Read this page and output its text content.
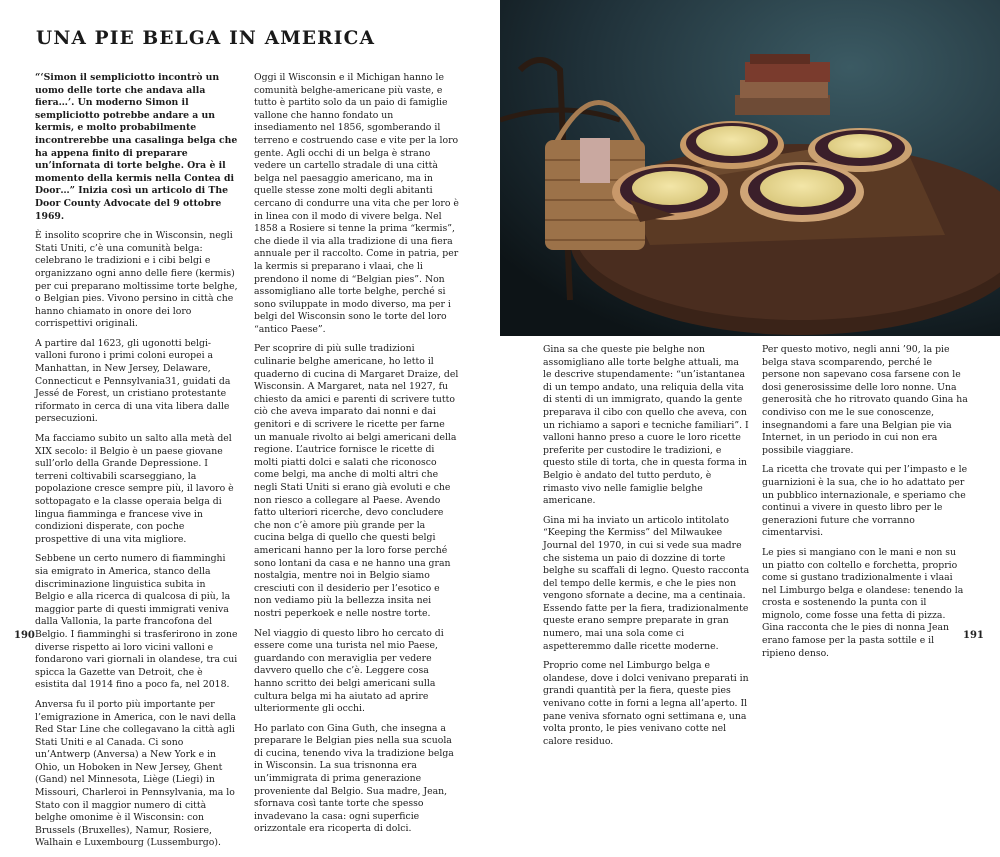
UNA PIE BELGA IN AMERICA

“‘Simon il sempliciotto incontrò un uomo delle torte che andava alla fiera…’. Un moderno Simon il sempliciotto potrebbe andare a un kermis, e molto probabilmente incontrerebbe una casalinga belga che ha appena finito di preparare un’infornata di torte belghe. Ora è il momento della kermis nella Contea di Door…” Inizia così un articolo di The Door County Advocate del 9 ottobre 1969.

È insolito scoprire che in Wisconsin, negli Stati Uniti, c’è una comunità belga: celebrano le tradizioni e i cibi belgi e organizzano ogni anno delle fiere (kermis) per cui preparano moltissime torte belghe, o Belgian pies. Vivono persino in città che hanno chiamato in onore dei loro corrispettivi originali.

A partire dal 1623, gli ugonotti belgi-valloni furono i primi coloni europei a Manhattan, in New Jersey, Delaware, Connecticut e Pennsylvania31, guidati da Jessé de Forest, un cristiano protestante riformato in cerca di una vita libera dalle persecuzioni.

Ma facciamo subito un salto alla metà del XIX secolo: il Belgio è un paese giovane sull’orlo della Grande Depressione. I terreni coltivabili scarseggiano, la popolazione cresce sempre più, il lavoro è sottopagato e la classe operaia belga di lingua fiamminga e francese vive in condizioni disperate, con poche prospettive di una vita migliore.

Sebbene un certo numero di fiamminghi sia emigrato in America, stanco della discriminazione linguistica subita in Belgio e alla ricerca di qualcosa di più, la maggior parte di questi immigrati veniva dalla Vallonia, la parte francofona del Belgio. I fiamminghi si trasferirono in zone diverse rispetto ai loro vicini valloni e fondarono vari giornali in olandese, tra cui spicca la Gazette van Detroit, che è esistita dal 1914 fino a poco fa, nel 2018.

Anversa fu il porto più importante per l’emigrazione in America, con le navi della Red Star Line che collegavano la città agli Stati Uniti e al Canada. Ci sono un’Antwerp (Anversa) a New York e in Ohio, un Hoboken in New Jersey, Ghent (Gand) nel Minnesota, Liège (Liegi) in Missouri, Charleroi in Pennsylvania, ma lo Stato con il maggior numero di città belghe omonime è il Wisconsin: con Brussels (Bruxelles), Namur, Rosiere, Walhain e Luxembourg (Lussemburgo).

Oggi il Wisconsin e il Michigan hanno le comunità belghe-americane più vaste, e tutto è partito solo da un paio di famiglie vallone che hanno fondato un insediamento nel 1856, sgomberando il terreno e costruendo case e vite per la loro gente. Agli occhi di un belga è strano vedere un cartello stradale di una città belga nel paesaggio americano, ma in quelle stesse zone molti degli abitanti cercano di condurre una vita che per loro è in linea con il modo di vivere belga. Nel 1858 a Rosiere si tenne la prima “kermis”, che diede il via alla tradizione di una fiera annuale per il raccolto. Come in patria, per la kermis si preparano i vlaai, che li prendono il nome di “Belgian pies”. Non assomigliano alle torte belghe, perché si sono sviluppate in modo diverso, ma per i belgi del Wisconsin sono le torte del loro “antico Paese”.

Per scoprire di più sulle tradizioni culinarie belghe americane, ho letto il quaderno di cucina di Margaret Draize, del Wisconsin. A Margaret, nata nel 1927, fu chiesto da amici e parenti di scrivere tutto ciò che aveva imparato dai nonni e dai genitori e di scrivere le ricette per farne un manuale rivolto ai belgi americani della regione. L’autrice fornisce le ricette di molti piatti dolci e salati che riconosco come belgi, ma anche di molti altri che negli Stati Uniti si erano già evoluti e che non riesco a collegare al Paese. Avendo fatto ulteriori ricerche, devo concludere che non c’è amore più grande per la cucina belga di quello che questi belgi americani hanno per la loro forse perché sono lontani da casa e ne hanno una gran nostalgia, mentre noi in Belgio siamo cresciuti con il desiderio per l’esotico e non vediamo più la bellezza insita nei nostri peperkoek e nelle nostre torte.

Nel viaggio di questo libro ho cercato di essere come una turista nel mio Paese, guardando con meraviglia per vedere davvero quello che c’è. Leggere cosa hanno scritto dei belgi americani sulla cultura belga mi ha aiutato ad aprire ulteriormente gli occhi.

Ho parlato con Gina Guth, che insegna a preparare le Belgian pies nella sua scuola di cucina, tenendo viva la tradizione belga in Wisconsin. La sua trisnonna era un’immigrata di prima generazione proveniente dal Belgio. Sua madre, Jean, sfornava così tante torte che spesso invadevano la casa: ogni superficie orizzontale era ricoperta di dolci.

Gina sa che queste pie belghe non assomigliano alle torte belghe attuali, ma le descrive stupendamente: “un’istantanea di un tempo andato, una reliquia della vita di stenti di un immigrato, quando la gente preparava il cibo con quello che aveva, con un richiamo a sapori e tecniche familiari”. I valloni hanno preso a cuore le loro ricette preferite per custodire le tradizioni, e questo stile di torta, che in questa forma in Belgio è andato del tutto perduto, è rimasto vivo nelle famiglie belghe americane.

Gina mi ha inviato un articolo intitolato “Keeping the Kermiss” del Milwaukee Journal del 1970, in cui si vede sua madre che sistema un paio di dozzine di torte belghe su scaffali di legno. Questo racconta del tempo delle kermis, e che le pies non vengono sfornate a decine, ma a centinaia. Essendo fatte per la fiera, tradizionalmente queste erano sempre preparate in gran numero, mai una sola come ci aspetteremmo dalle ricette moderne.

Proprio come nel Limburgo belga e olandese, dove i dolci venivano preparati in grandi quantità per la fiera, queste pies venivano cotte in forni a legna all’aperto. Il pane veniva sfornato ogni settimana e, una volta pronto, le pies venivano cotte nel calore residuo.

Per questo motivo, negli anni ’90, la pie belga stava scomparendo, perché le persone non sapevano cosa farsene con le dosi generosissime delle loro nonne. Una generosità che ho ritrovato quando Gina ha condiviso con me le sue conoscenze, insegnandomi a fare una Belgian pie via Internet, in un periodo in cui non era possibile viaggiare.

La ricetta che trovate qui per l’impasto e le guarnizioni è la sua, che io ho adattato per un pubblico internazionale, e speriamo che continui a vivere in questo libro per le generazioni future che vorranno cimentarvisi.

Le pies si mangiano con le mani e non su un piatto con coltello e forchetta, proprio come si gustano tradizionalmente i vlaai nel Limburgo belga e olandese: tenendo la crosta e sostenendo la punta con il mignolo, come fosse una fetta di pizza. Gina racconta che le pies di nonna Jean erano famose per la pasta sottile e il ripieno denso.

190	191
